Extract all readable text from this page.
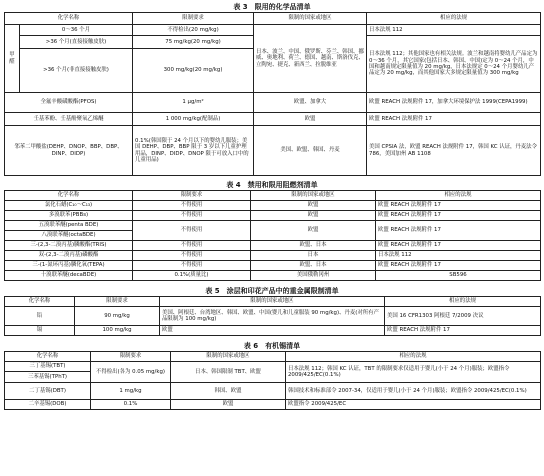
表 3　限用的化学品清单
化学名称		限制要求	限制的国家或地区	相应的法规
甲醛	0～36 个月	不得检出(20 mg/kg)	日本、波兰、中国、俄罗斯、芬兰、韩国、挪威、奥地利、荷兰、德国、越南、斯洛伐克、立陶宛、捷克、新西兰、拉脱维亚	日本法规 112
	>36 个月(直接接触皮肤)	75 mg/kg(20 mg/kg)		日本法规 112；其他国家也有相关法规。波兰和越南将婴幼儿产品定为 0～36 个月，其它国家(包括日本、韩国、中国)定为 0～24 个月，中国和越南规定限量值为 20 mg/kg，日本法规定 0～24 个月婴幼儿产品定为 20 mg/kg，而其他国家大多规定限量值为 300 mg/kg
	>36 个月(非直接接触皮肤)	300 mg/kg(20 mg/kg)		
全氟辛酸磺酸酯(PFOS)		1 μg/m²	欧盟、加拿大	欧盟 REACH 法规附件 17，加拿大环境保护法 1999(CEPA1999)
壬基苯酚、壬基酚聚氧乙烯醚		1 000 mg/kg(配制品)	欧盟	欧盟 REACH 法规附件 17
邻苯二甲酸盐(DEHP、DNOP、BBP、DBP、DINP、DIDP)		0.1%(韩国限于 24 个月以下的婴幼儿服装；美国 DEHP、DBP、BBP 限于 3 岁以下儿童护理用品，DINP、DIDP、DNOP 限于可放入口中的儿童用品)	美国、欧盟、韩国、丹麦	美国 CPSIA 法，欧盟 REACH 法规附件 17，韩国 KC 认证，丹麦法令 786，美国加州 AB 1108
表 4　禁用和限用阻燃剂清单
化学名称	限制要求	限制的国家或地区	相应的法规
氯化石蜡(C₁₀～C₁₃)	不得使用	欧盟	欧盟 REACH 法规附件 17
多溴联苯(PBBs)	不得使用	欧盟	欧盟 REACH 法规附件 17
五溴联苯醚(penta BDE)	不得使用	欧盟	欧盟 REACH 法规附件 17
八溴联苯醚(octaBDE)			
三-(2,3-二溴丙基)膦酸酯(TRIS)	不得使用	欧盟、日本	欧盟 REACH 法规附件 17
双-(2,3-二溴丙基)磷酸酯	不得使用	日本	日本法规 112
三-(1-氮环丙基)膦化氧(TEPA)	不得使用	欧盟、日本	欧盟 REACH 法规附件 17
十溴联苯醚(decaBDE)	0.1%(质量比)	美国俄勒冈州	SB596
表 5　涂层和印花产品中的重金属限制清单
化学名称	限制要求	限制的国家或地区	相应的法规
铅	90 mg/kg	美国、阿根廷、台湾地区、韩国、欧盟、中国(婴儿和儿童服装 90 mg/kg)、丹麦(对所有产品限制为 100 mg/kg)	美国 16 CFR1303 阿根廷 7/2009 决议
镉	100 mg/kg	欧盟	欧盟 REACH 法规附件 17
表 6　有机锡清单
化学名称	限制要求	限制的国家或地区	相应的法规
三丁基锡(TBT)	不得检出(各为 0.05 mg/kg)	日本、韩国限制 TBT、欧盟	日本法规 112；韩国 KC 认证，TBT 的限制要求仅适用于婴儿(小于 24 个月)服装；欧盟指令 2009/425/EC(0.1%)
三苯基锡(TPhT)			
二丁基锡(DBT)	1 mg/kg	韩国、欧盟	韩国技术和标准部令 2007-34，仅适用于婴儿(小于 24 个月)服装；欧盟指令 2009/425/EC(0.1%)
二辛基锡(DOB)	0.1%	欧盟	欧盟指令 2009/425/EC
